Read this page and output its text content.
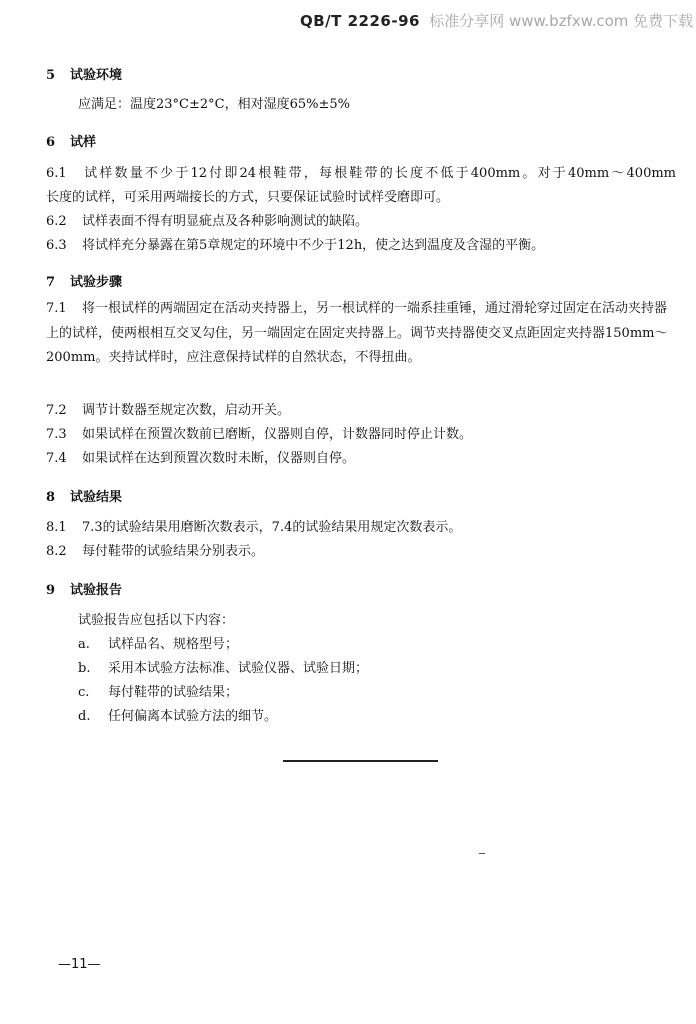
QB/T 2226-96 标准分享网 www.bzfxw.com 免费下载
5 试验环境
应满足：温度23°C±2°C，相对湿度65%±5%
6 试样
6.1 试样数量不少于12付即24根鞋带，每根鞋带的长度不低于400mm。对于40mm～400mm
长度的试样，可采用两端接长的方式，只要保证试验时试样受磨即可。
6.2 试样表面不得有明显疵点及各种影响测试的缺陷。
6.3 将试样充分暴露在第5章规定的环境中不少于12h，使之达到温度及含湿的平衡。
7 试验步骤
7.1 将一根试样的两端固定在活动夹持器上，另一根试样的一端系挂重锤，通过滑轮穿过固定在活动夹持器上的试样，使两根相互交叉勾住，另一端固定在固定夹持器上。调节夹持器使交叉点距固定夹持器150mm～200mm。夹持试样时，应注意保持试样的自然状态，不得扭曲。
7.2 调节计数器至规定次数，启动开关。
7.3 如果试样在预置次数前已磨断，仪器则自停，计数器同时停止计数。
7.4 如果试样在达到预置次数时未断，仪器则自停。
8 试验结果
8.1 7.3的试验结果用磨断次数表示，7.4的试验结果用规定次数表示。
8.2 每付鞋带的试验结果分别表示。
9 试验报告
试验报告应包括以下内容：
a. 试样品名、规格型号；
b. 采用本试验方法标准、试验仪器、试验日期；
c. 每付鞋带的试验结果；
d. 任何偏离本试验方法的细节。
—11—
